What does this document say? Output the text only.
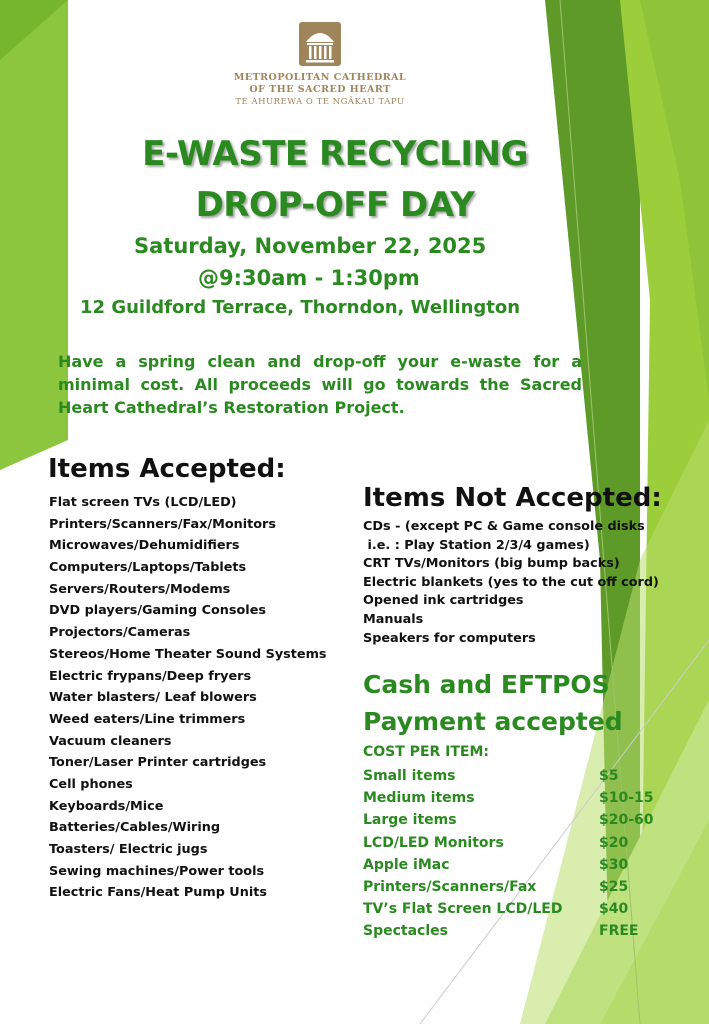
METROPOLITAN CATHEDRAL
OF THE SACRED HEART
TE AHUREWA O TE NGĀKAU TAPU
E-WASTE RECYCLING
DROP-OFF DAY
Saturday, November 22, 2025
@9:30am - 1:30pm
12 Guildford Terrace, Thorndon, Wellington
Have a spring clean and drop-off your e-waste for a minimal cost. All proceeds will go towards the Sacred Heart Cathedral’s Restoration Project.
Items Accepted:
Flat screen TVs (LCD/LED)
Printers/Scanners/Fax/Monitors
Microwaves/Dehumidifiers
Computers/Laptops/Tablets
Servers/Routers/Modems
DVD players/Gaming Consoles
Projectors/Cameras
Stereos/Home Theater Sound Systems
Electric frypans/Deep fryers
Water blasters/ Leaf blowers
Weed eaters/Line trimmers
Vacuum cleaners
Toner/Laser Printer cartridges
Cell phones
Keyboards/Mice
Batteries/Cables/Wiring
Toasters/ Electric jugs
Sewing machines/Power tools
Electric Fans/Heat Pump Units
Items Not Accepted:
CDs - (except PC & Game console disks
i.e. : Play Station 2/3/4 games)
CRT TVs/Monitors (big bump backs)
Electric blankets (yes to the cut off cord)
Opened ink cartridges
Manuals
Speakers for computers
Cash and EFTPOS
Payment accepted
COST PER ITEM:
Small items	$5
Medium items	$10-15
Large items	$20-60
LCD/LED Monitors	$20
Apple iMac	$30
Printers/Scanners/Fax	$25
TV’s Flat Screen LCD/LED	$40
Spectacles	FREE
